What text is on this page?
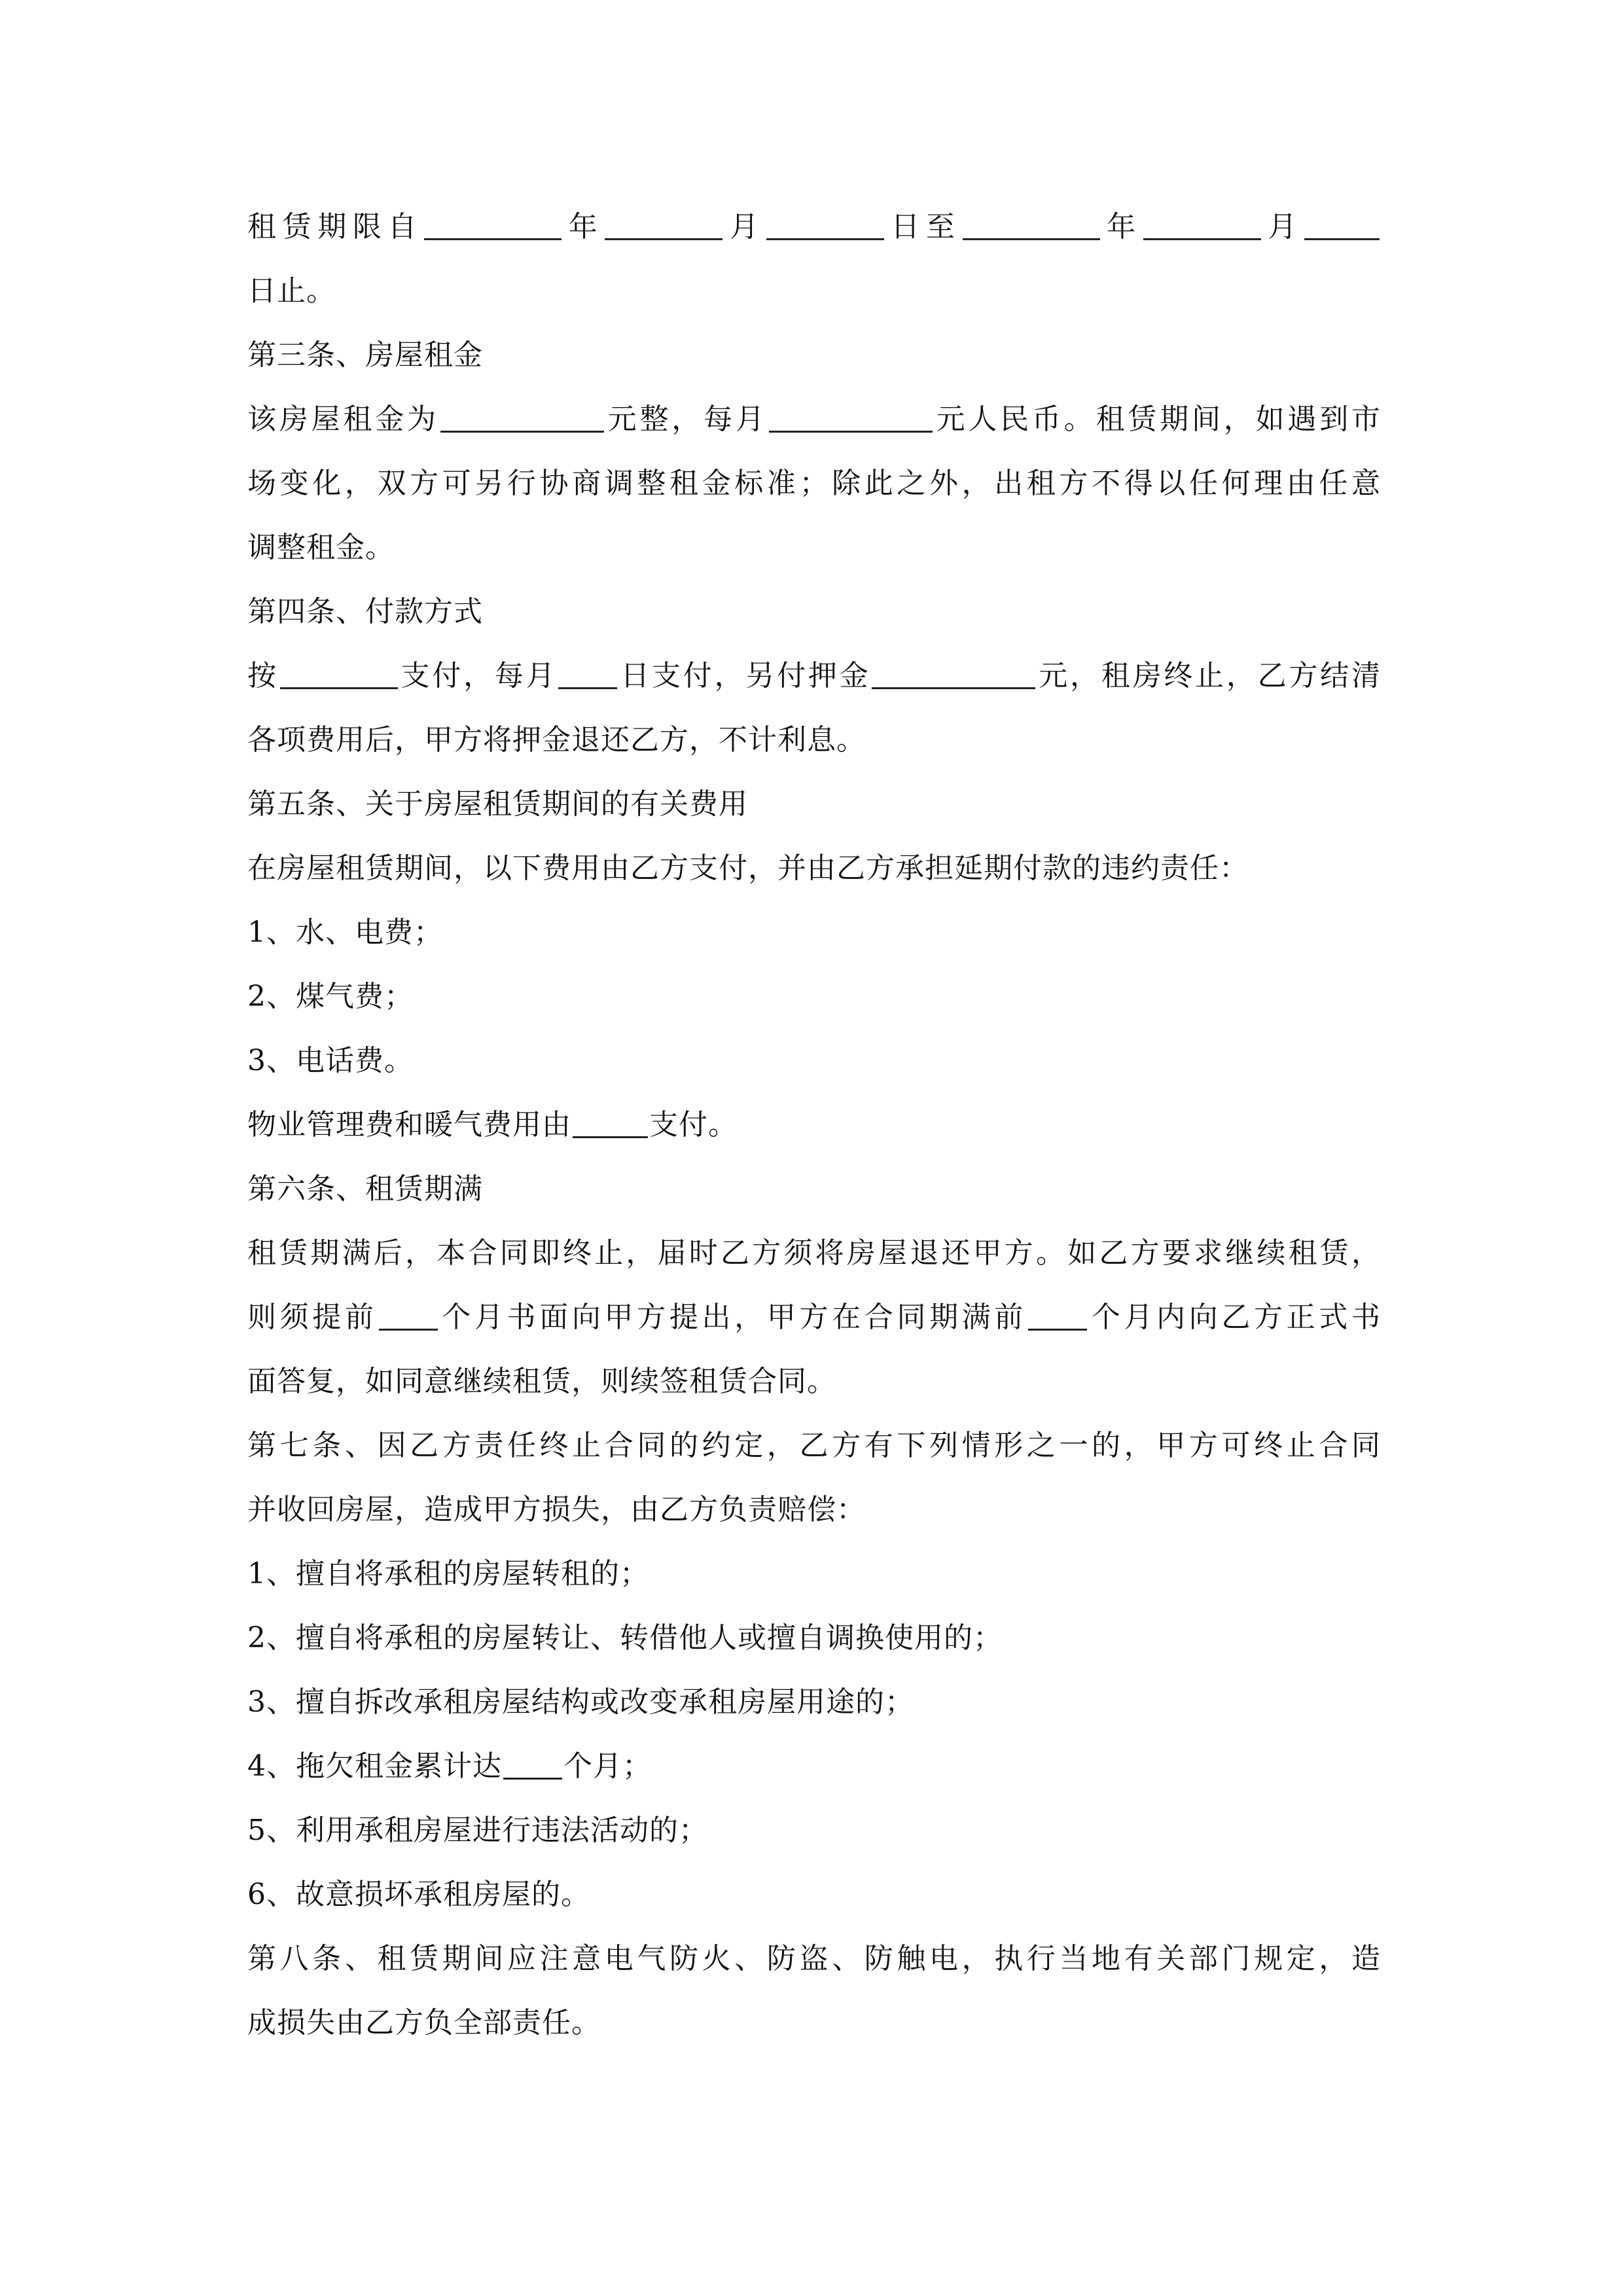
租赁期限自	年	月	日至	年	月
日止。
第三条、房屋租金
该房屋租金为	元整，每月	元人民币。租赁期间，如遇到市
场变化，双方可另行协商调整租金标准；除此之外，出租方不得以任何理由任意
调整租金。
第四条、付款方式
按	支付，每月 日支付，另付押金	元，租房终止，乙方结清
各项费用后，甲方将押金退还乙方，不计利息。
第五条、关于房屋租赁期间的有关费用
在房屋租赁期间，以下费用由乙方支付，并由乙方承担延期付款的违约责任：
1、水、电费；
2、煤气费；
3、电话费。
物业管理费和暖气费用由	支付。
第六条、租赁期满
租赁期满后，本合同即终止，届时乙方须将房屋退还甲方。如乙方要求继续租赁，
则须提前 个月书面向甲方提出，甲方在合同期满前 个月内向乙方正式书
面答复，如同意继续租赁，则续签租赁合同。
第七条、因乙方责任终止合同的约定，乙方有下列情形之一的，甲方可终止合同
并收回房屋，造成甲方损失，由乙方负责赔偿：
1、擅自将承租的房屋转租的；
2、擅自将承租的房屋转让、转借他人或擅自调换使用的；
3、擅自拆改承租房屋结构或改变承租房屋用途的；
4、拖欠租金累计达 个月；
5、利用承租房屋进行违法活动的；
6、故意损坏承租房屋的。
第八条、租赁期间应注意电气防火、防盗、防触电，执行当地有关部门规定，造
成损失由乙方负全部责任。
